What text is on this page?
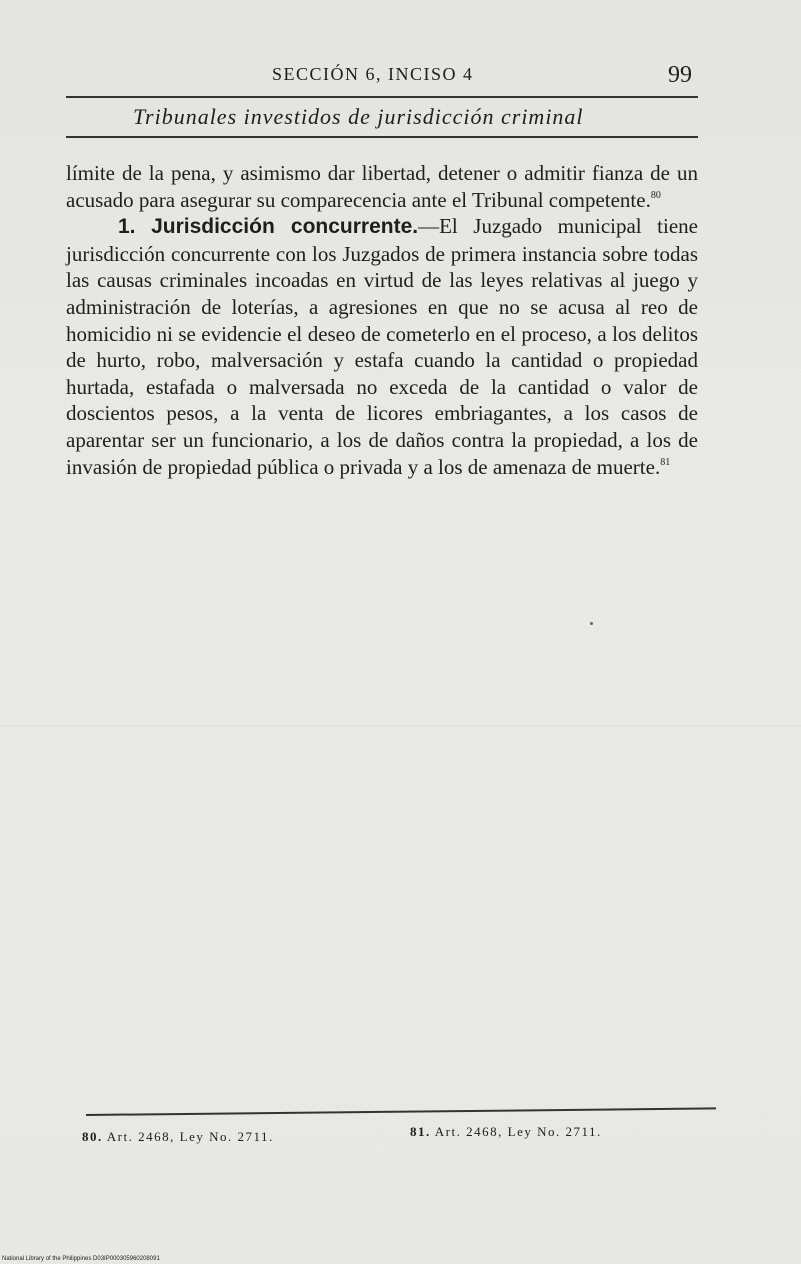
SECCIÓN 6, INCISO 4	99
Tribunales investidos de jurisdicción criminal

límite de la pena, y asimismo dar libertad, detener o admitir fianza de un acusado para asegurar su comparecencia ante el Tribunal competente.$^{80}$

1. Jurisdicción concurrente.—El Juzgado municipal tiene jurisdicción concurrente con los Juzgados de primera instancia sobre todas las causas criminales incoadas en virtud de las leyes relativas al juego y administración de loterías, a agresiones en que no se acusa al reo de homicidio ni se evidencie el deseo de cometerlo en el proceso, a los delitos de hurto, robo, malversación y estafa cuando la cantidad o propiedad hurtada, estafada o malversada no exceda de la cantidad o valor de doscientos pesos, a la venta de licores embriagantes, a los casos de aparentar ser un funcionario, a los de daños contra la propiedad, a los de invasión de propiedad pública o privada y a los de amenaza de muerte.$^{81}$

80. Art. 2468, Ley No. 2711.	81. Art. 2468, Ley No. 2711.
National Library of the Philippines D03IP000305960208091
